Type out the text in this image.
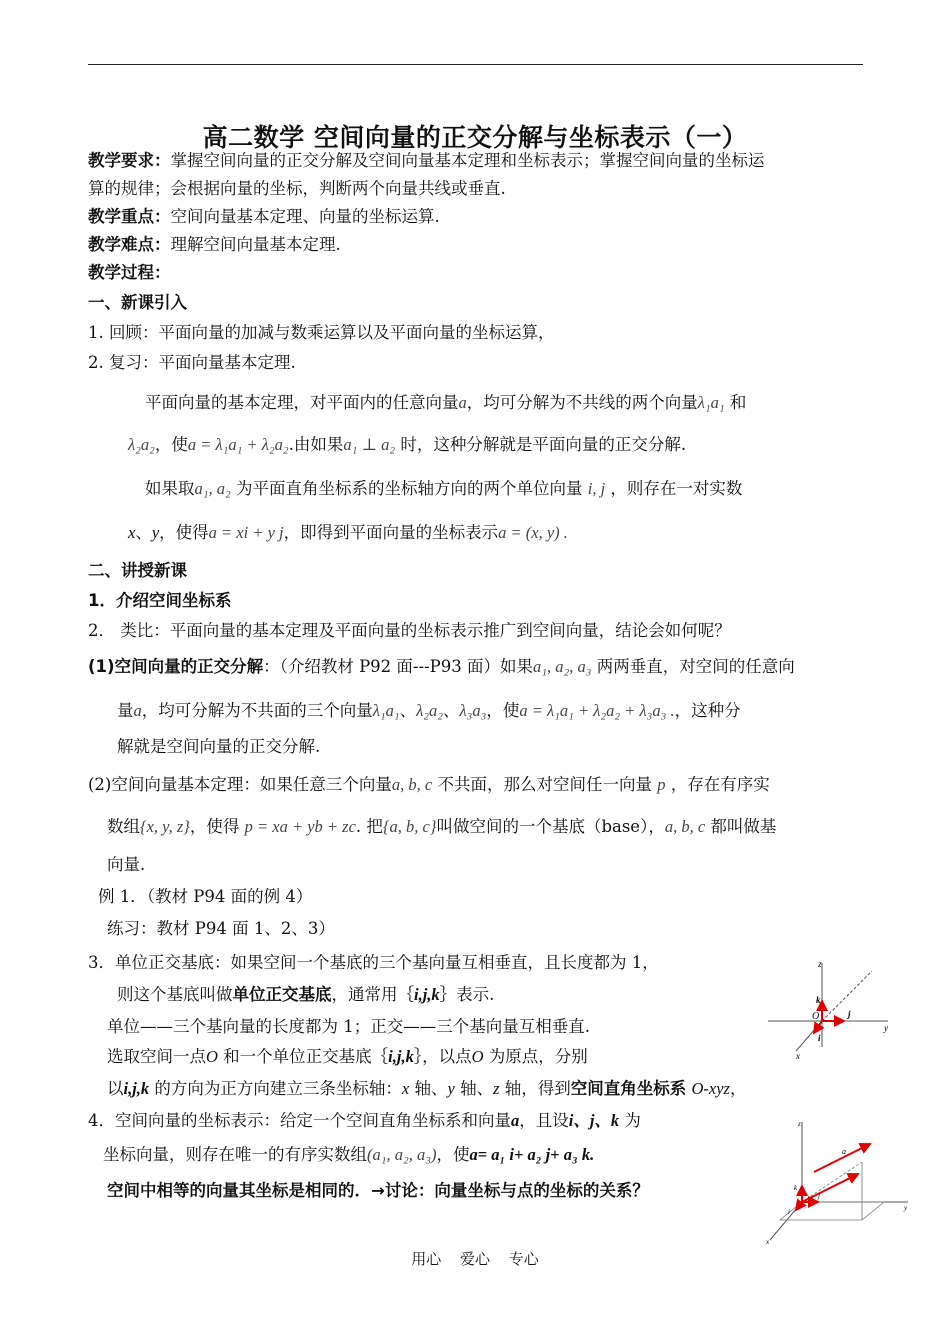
高二数学 空间向量的正交分解与坐标表示（一）
教学要求：掌握空间向量的正交分解及空间向量基本定理和坐标表示；掌握空间向量的坐标运
算的规律；会根据向量的坐标，判断两个向量共线或垂直.
教学重点：空间向量基本定理、向量的坐标运算.
教学难点：理解空间向量基本定理.
教学过程：
一、新课引入
1. 回顾：平面向量的加减与数乘运算以及平面向量的坐标运算，
2. 复习：平面向量基本定理.
平面向量的基本定理，对平面内的任意向量a，均可分解为不共线的两个向量λ₁a₁ 和
λ₂a₂，使a = λ₁a₁ + λ₂a₂.由如果a₁ ⊥ a₂ 时，这种分解就是平面向量的正交分解.
如果取a₁, a₂ 为平面直角坐标系的坐标轴方向的两个单位向量 i, j ，则存在一对实数
x、y，使得a = xi + y j，即得到平面向量的坐标表示a = (x, y) .
二、讲授新课
1．介绍空间坐标系
2． 类比：平面向量的基本定理及平面向量的坐标表示推广到空间向量，结论会如何呢？
(1)空间向量的正交分解：（介绍教材 P92 面---P93 面）如果a₁, a₂, a₃ 两两垂直，对空间的任意向
量a，均可分解为不共面的三个向量λ₁a₁、λ₂a₂、λ₃a₃，使a = λ₁a₁ + λ₂a₂ + λ₃a₃ .，这种分
解就是空间向量的正交分解.
(2)空间向量基本定理：如果任意三个向量a, b, c 不共面，那么对空间任一向量 p ，存在有序实
数组{x, y, z}，使得 p = xa + yb + zc. 把{a, b, c}叫做空间的一个基底（base），a, b, c 都叫做基
向量.
例 1．（教材 P94 面的例 4）
练习：教材 P94 面 1、2、3）
3．单位正交基底：如果空间一个基底的三个基向量互相垂直，且长度都为 1，
则这个基底叫做单位正交基底，通常用｛i,j,k｝表示.
单位——三个基向量的长度都为 1；正交——三个基向量互相垂直.
选取空间一点O 和一个单位正交基底｛i,j,k｝，以点O 为原点，分别
以i,j,k 的方向为正方向建立三条坐标轴：x 轴、y 轴、z 轴，得到空间直角坐标系 O-xyz，
4．空间向量的坐标表示：给定一个空间直角坐标系和向量a，且设i、j、k 为
坐标向量，则存在唯一的有序实数组(a₁, a₂, a₃)，使a= a₁ i+ a₂ j+ a₃ k.
空间中相等的向量其坐标是相同的．→讨论：向量坐标与点的坐标的关系？
z
y
x
O
k
j
i
z
y
x
a
k
j
i
用心 爱心 专心
